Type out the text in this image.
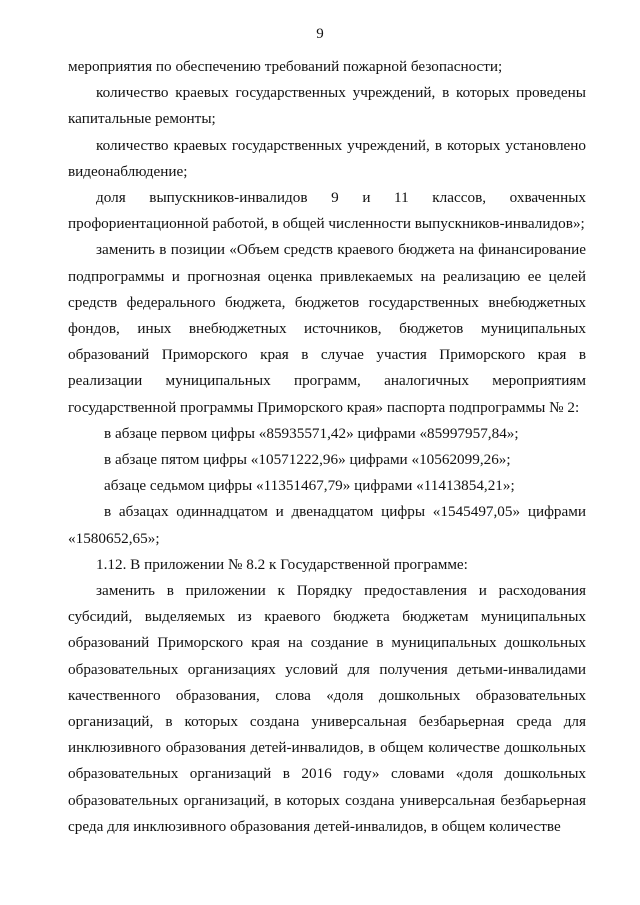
9

мероприятия по обеспечению требований пожарной безопасности;

количество краевых государственных учреждений, в которых проведены капитальные ремонты;

количество краевых государственных учреждений, в которых установлено видеонаблюдение;

доля выпускников-инвалидов 9 и 11 классов, охваченных профориентационной работой, в общей численности выпускников-инвалидов»;

заменить в позиции «Объем средств краевого бюджета на финансирование подпрограммы и прогнозная оценка привлекаемых на реализацию ее целей средств федерального бюджета, бюджетов государственных внебюджетных фондов, иных внебюджетных источников, бюджетов муниципальных образований Приморского края в случае участия Приморского края в реализации муниципальных программ, аналогичных мероприятиям государственной программы Приморского края» паспорта подпрограммы № 2:

в абзаце первом цифры «85935571,42» цифрами «85997957,84»;

в абзаце пятом цифры «10571222,96» цифрами «10562099,26»;

абзаце седьмом цифры «11351467,79» цифрами «11413854,21»;

в абзацах одиннадцатом и двенадцатом цифры «1545497,05» цифрами «1580652,65»;

1.12. В приложении № 8.2 к Государственной программе:

заменить в приложении к Порядку предоставления и расходования субсидий, выделяемых из краевого бюджета бюджетам муниципальных образований Приморского края на создание в муниципальных дошкольных образовательных организациях условий для получения детьми-инвалидами качественного образования, слова «доля дошкольных образовательных организаций, в которых создана универсальная безбарьерная среда для инклюзивного образования детей-инвалидов, в общем количестве дошкольных образовательных организаций в 2016 году» словами «доля дошкольных образовательных организаций, в которых создана универсальная безбарьерная среда для инклюзивного образования детей-инвалидов, в общем количестве
